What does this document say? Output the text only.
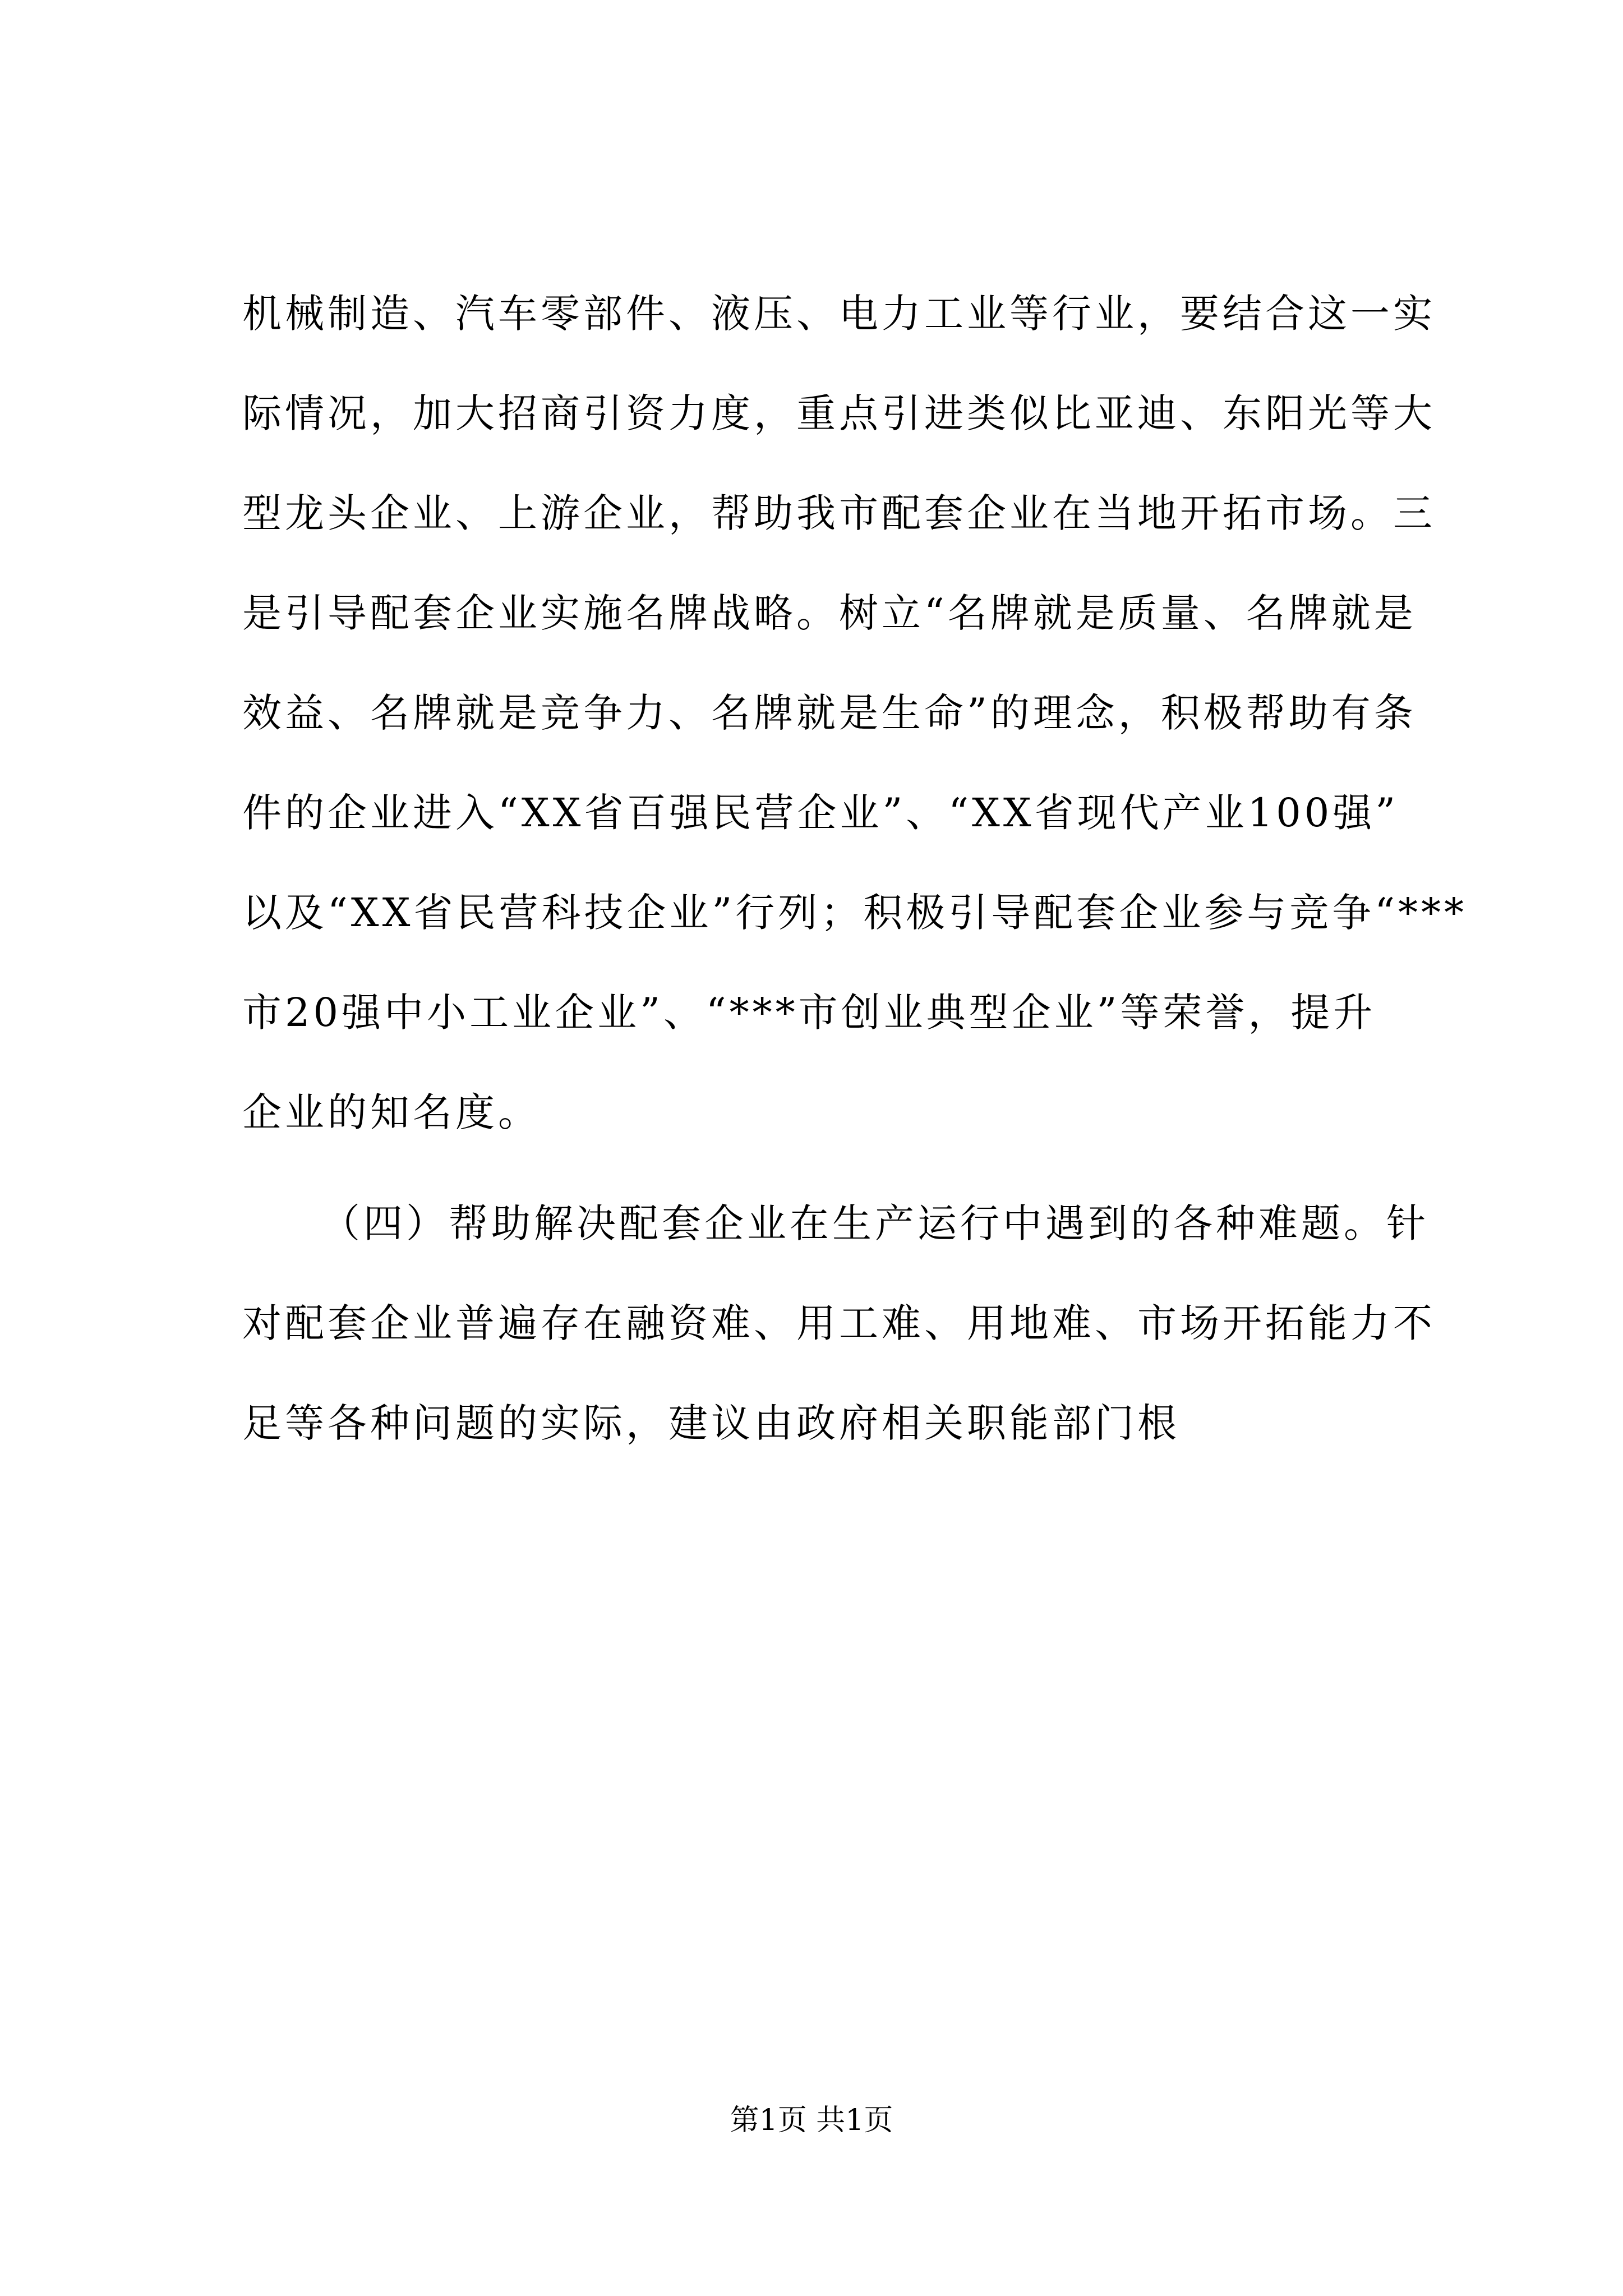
机械制造、汽车零部件、液压、电力工业等行业，要结合这一实
际情况，加大招商引资力度，重点引进类似比亚迪、东阳光等大
型龙头企业、上游企业，帮助我市配套企业在当地开拓市场。三
是引导配套企业实施名牌战略。树立“名牌就是质量、名牌就是
效益、名牌就是竞争力、名牌就是生命”的理念，积极帮助有条
件的企业进入“XX省百强民营企业”、“XX省现代产业100强”
以及“XX省民营科技企业”行列；积极引导配套企业参与竞争“***
市20强中小工业企业”、“***市创业典型企业”等荣誉，提升
企业的知名度。
（四）帮助解决配套企业在生产运行中遇到的各种难题。针
对配套企业普遍存在融资难、用工难、用地难、市场开拓能力不
足等各种问题的实际，建议由政府相关职能部门根
第1页 共1页
